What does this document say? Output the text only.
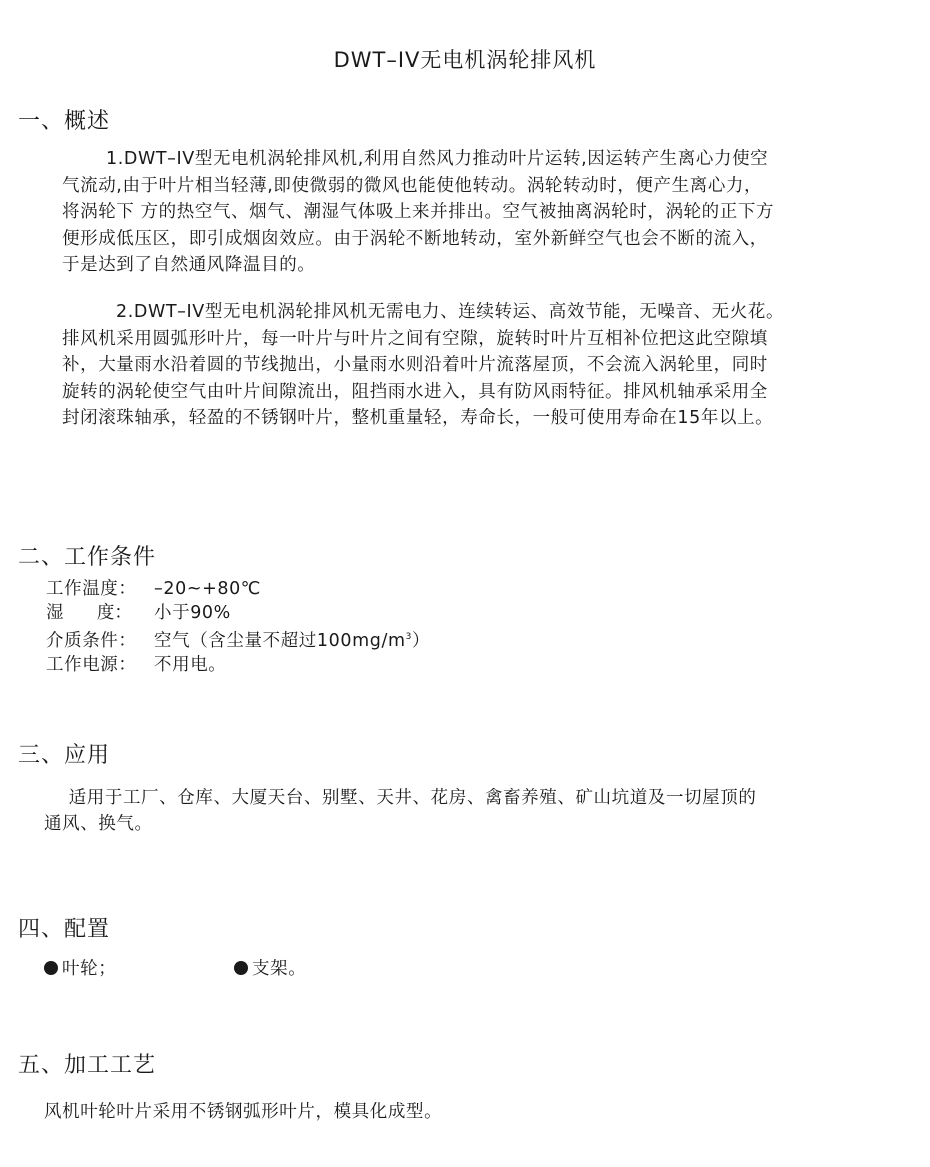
DWT–IV无电机涡轮排风机
一、概述
1.DWT–IV型无电机涡轮排风机,利用自然风力推动叶片运转,因运转产生离心力使空
气流动,由于叶片相当轻薄,即使微弱的微风也能使他转动。涡轮转动时，便产生离心力，
将涡轮下 方的热空气、烟气、潮湿气体吸上来并排出。空气被抽离涡轮时，涡轮的正下方
便形成低压区，即引成烟囱效应。由于涡轮不断地转动，室外新鲜空气也会不断的流入，
于是达到了自然通风降温目的。
2.DWT–IV型无电机涡轮排风机无需电力、连续转运、高效节能，无噪音、无火花。
排风机采用圆弧形叶片，每一叶片与叶片之间有空隙，旋转时叶片互相补位把这此空隙填
补，大量雨水沿着圆的节线抛出，小量雨水则沿着叶片流落屋顶，不会流入涡轮里，同时
旋转的涡轮使空气由叶片间隙流出，阻挡雨水进入，具有防风雨特征。排风机轴承采用全
封闭滚珠轴承，轻盈的不锈钢叶片，整机重量轻，寿命长，一般可使用寿命在15年以上。
二、工作条件
工作温度： –20~+80℃
湿      度： 小于90%
介质条件： 空气（含尘量不超过$100mg/m^3$）
工作电源： 不用电。
三、应用
适用于工厂、仓库、大厦天台、别墅、天井、花房、禽畜养殖、矿山坑道及一切屋顶的
通风、换气。
四、配置
叶轮；	支架。
五、加工工艺
风机叶轮叶片采用不锈钢弧形叶片，模具化成型。
